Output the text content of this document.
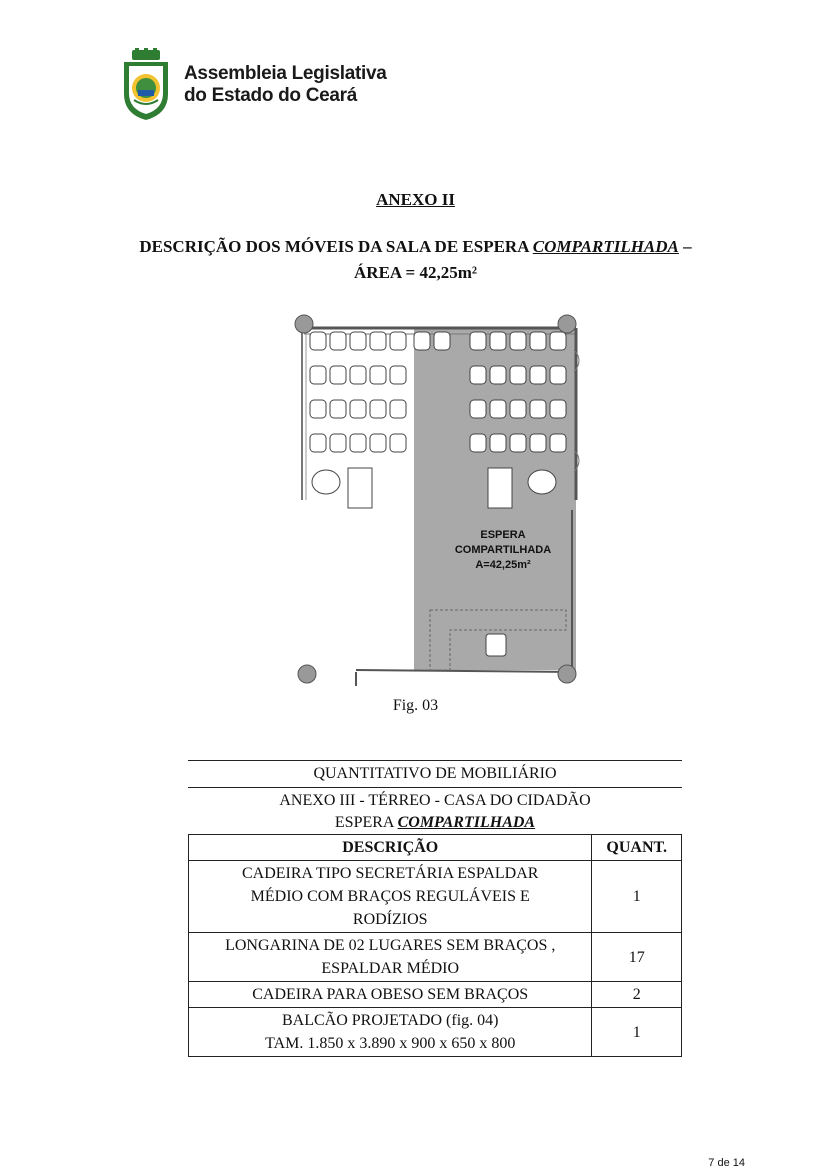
Assembleia Legislativa
do Estado do Ceará
ANEXO II
DESCRIÇÃO DOS MÓVEIS DA SALA DE ESPERA COMPARTILHADA –
ÁREA = 42,25m²
ESPERA
COMPARTILHADA
A=42,25m²
Fig. 03
QUANTITATIVO DE MOBILIÁRIO
ANEXO III - TÉRREO - CASA DO CIDADÃO
ESPERA COMPARTILHADA
DESCRIÇÃO	QUANT.

CADEIRA TIPO SECRETÁRIA ESPALDAR
MÉDIO COM BRAÇOS REGULÁVEIS E
RODÍZIOS	1

LONGARINA DE 02 LUGARES SEM BRAÇOS ,
ESPALDAR MÉDIO	17

CADEIRA PARA OBESO SEM BRAÇOS	2

BALCÃO PROJETADO (fig. 04)
TAM. 1.850 x 3.890 x 900 x 650 x 800	1
7 de 14
